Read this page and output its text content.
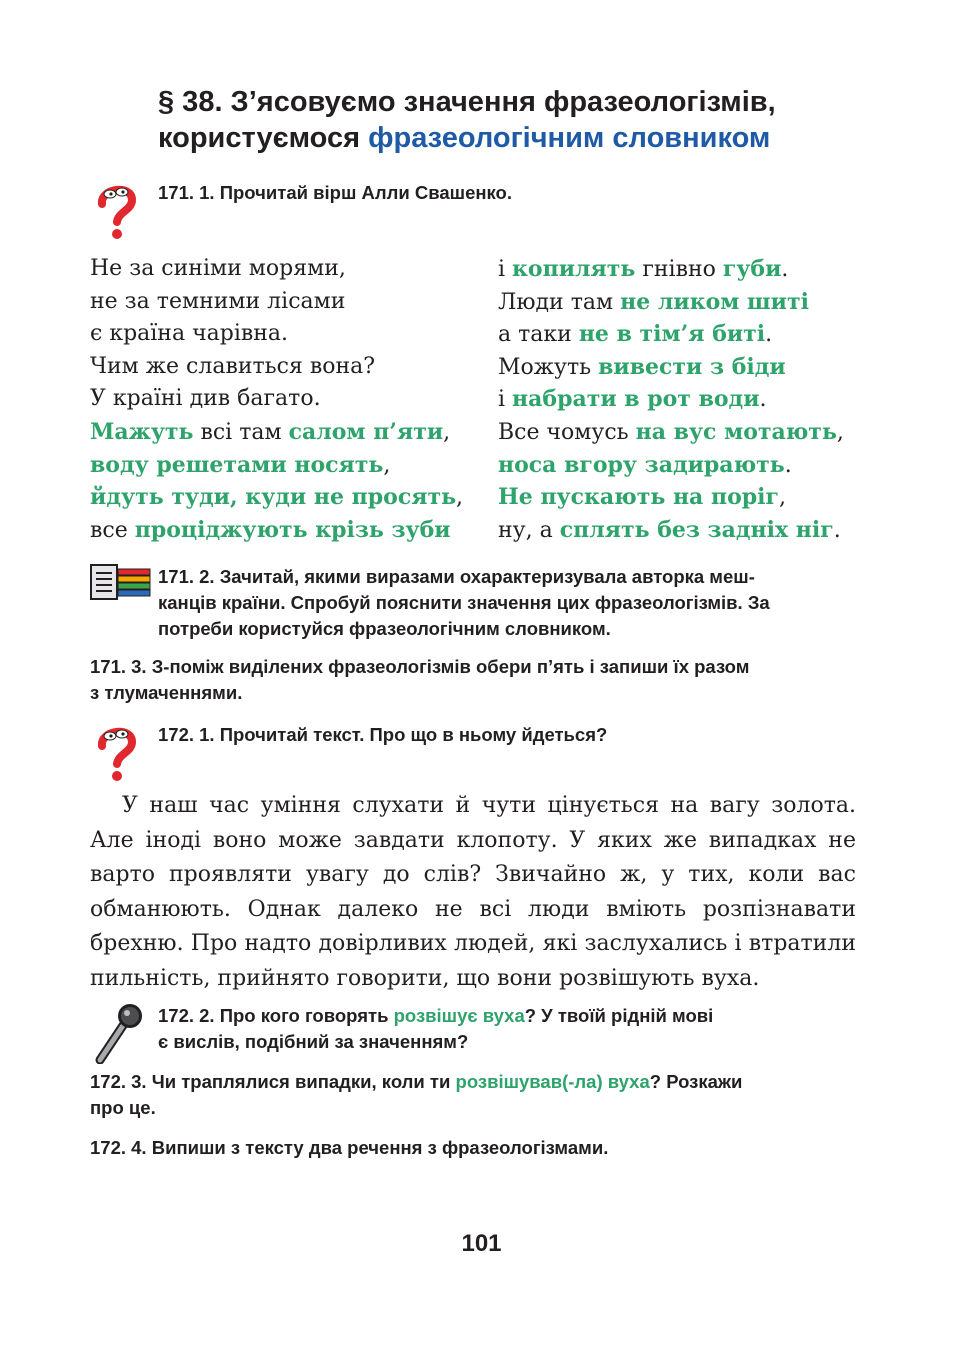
§ 38. З’ясовуємо значення фразеологізмів,
користуємося фразеологічним словником
171. 1. Прочитай вірш Алли Свашенко.
Не за синіми морями,
не за темними лісами
є країна чарівна.
Чим же славиться вона?
У країні див багато.
Мажуть всі там салом п’яти,
воду решетами носять,
йдуть туди, куди не просять,
все проціджують крізь зуби
і копилять гнівно губи.
Люди там не ликом шиті
а таки не в тім’я биті.
Можуть вивести з біди
і набрати в рот води.
Все чомусь на вус мотають,
носа вгору задирають.
Не пускають на поріг,
ну, а сплять без задніх ніг.
171. 2. Зачитай, якими виразами охарактеризувала авторка меш-
канців країни. Спробуй пояснити значення цих фразеологізмів. За
потреби користуйся фразеологічним словником.
171. 3. З-поміж виділених фразеологізмів обери п’ять і запиши їх разом
з тлумаченнями.
172. 1. Прочитай текст. Про що в ньому йдеться?

У наш час уміння слухати й чути цінується на вагу золота. Але іноді воно може завдати клопоту. У яких же випадках не варто проявляти увагу до слів? Звичайно ж, у тих, коли вас обманюють. Однак далеко не всі люди вміють розпізнавати брехню. Про надто довірливих людей, які заслухались і втратили пильність, прийнято говорити, що вони розвішують вуха.

172. 2. Про кого говорять розвішує вуха? У твоїй рідній мові
є вислів, подібний за значенням?
172. 3. Чи траплялися випадки, коли ти розвішував(-ла) вуха? Розкажи
про це.
172. 4. Випиши з тексту два речення з фразеологізмами.
101
